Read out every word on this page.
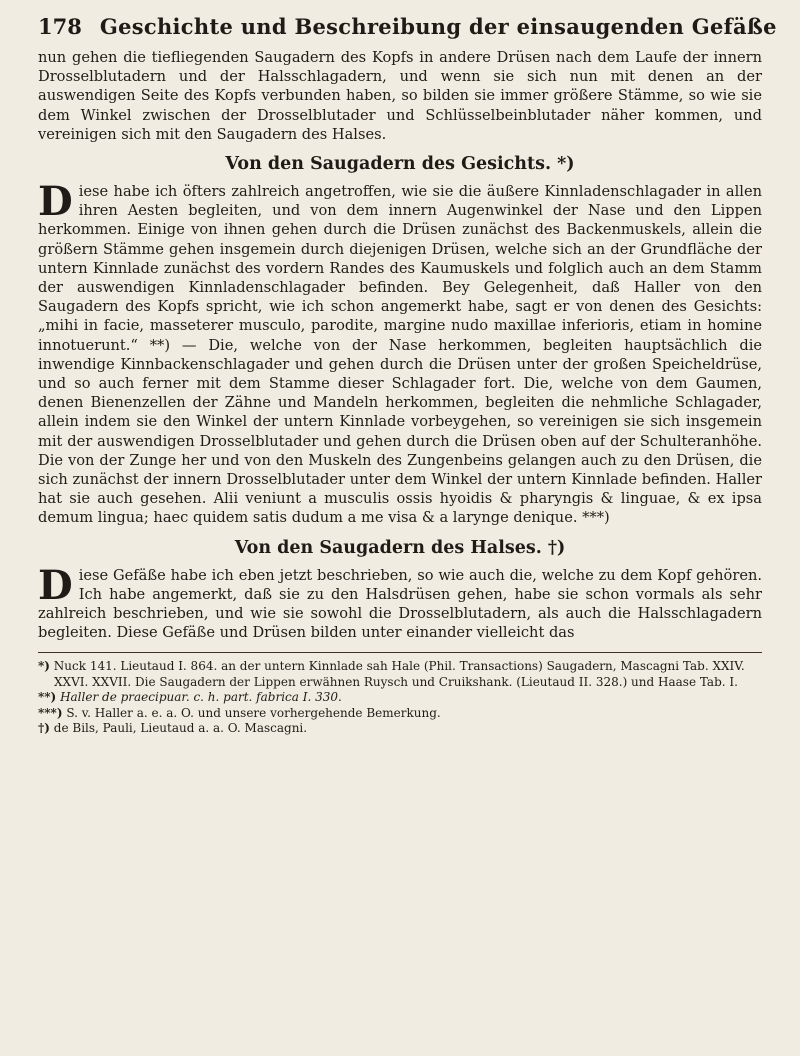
178 Geschichte und Beschreibung der einsaugenden Gefäße

nun gehen die tiefliegenden Saugadern des Kopfs in andere Drüsen nach dem Laufe der innern Drosselblutadern und der Halsschlagadern, und wenn sie sich nun mit denen an der auswendigen Seite des Kopfs verbunden haben, so bilden sie immer größere Stämme, so wie sie dem Winkel zwischen der Drosselblutader und Schlüsselbeinblutader näher kommen, und vereinigen sich mit den Saugadern des Halses.

Von den Saugadern des Gesichts. *)

Diese habe ich öfters zahlreich angetroffen, wie sie die äußere Kinnladenschlagader in allen ihren Aesten begleiten, und von dem innern Augenwinkel der Nase und den Lippen herkommen. Einige von ihnen gehen durch die Drüsen zunächst des Backenmuskels, allein die größern Stämme gehen insgemein durch diejenigen Drüsen, welche sich an der Grundfläche der untern Kinnlade zunächst des vordern Randes des Kaumuskels und folglich auch an dem Stamm der auswendigen Kinnladenschlagader befinden. Bey Gelegenheit, daß Haller von den Saugadern des Kopfs spricht, wie ich schon angemerkt habe, sagt er von denen des Gesichts: „mihi in facie, masseterer musculo, parodite, margine nudo maxillae inferioris, etiam in homine innotuerunt.“ **) — Die, welche von der Nase herkommen, begleiten hauptsächlich die inwendige Kinnbackenschlagader und gehen durch die Drüsen unter der großen Speicheldrüse, und so auch ferner mit dem Stamme dieser Schlagader fort. Die, welche von dem Gaumen, denen Bienenzellen der Zähne und Mandeln herkommen, begleiten die nehmliche Schlagader, allein indem sie den Winkel der untern Kinnlade vorbeygehen, so vereinigen sie sich insgemein mit der auswendigen Drosselblutader und gehen durch die Drüsen oben auf der Schulteranhöhe. Die von der Zunge her und von den Muskeln des Zungenbeins gelangen auch zu den Drüsen, die sich zunächst der innern Drosselblutader unter dem Winkel der untern Kinnlade befinden. Haller hat sie auch gesehen. Alii veniunt a musculis ossis hyoidis & pharyngis & linguae, & ex ipsa demum lingua; haec quidem satis dudum a me visa & a larynge denique. ***)

Von den Saugadern des Halses. †)

Diese Gefäße habe ich eben jetzt beschrieben, so wie auch die, welche zu dem Kopf gehören. Ich habe angemerkt, daß sie zu den Halsdrüsen gehen, habe sie schon vormals als sehr zahlreich beschrieben, und wie sie sowohl die Drosselblutadern, als auch die Halsschlagadern begleiten. Diese Gefäße und Drüsen bilden unter einander vielleicht das

*) Nuck 141. Lieutaud I. 864. an der untern Kinnlade sah Hale (Phil. Transactions) Saugadern, Mascagni Tab. XXIV. XXVI. XXVII. Die Saugadern der Lippen erwähnen Ruysch und Cruikshank. (Lieutaud II. 328.) und Haase Tab. I.

**) Haller de praecipuar. c. h. part. fabrica I. 330.

***) S. v. Haller a. e. a. O. und unsere vorhergehende Bemerkung.

†) de Bils, Pauli, Lieutaud a. a. O. Mascagni.
